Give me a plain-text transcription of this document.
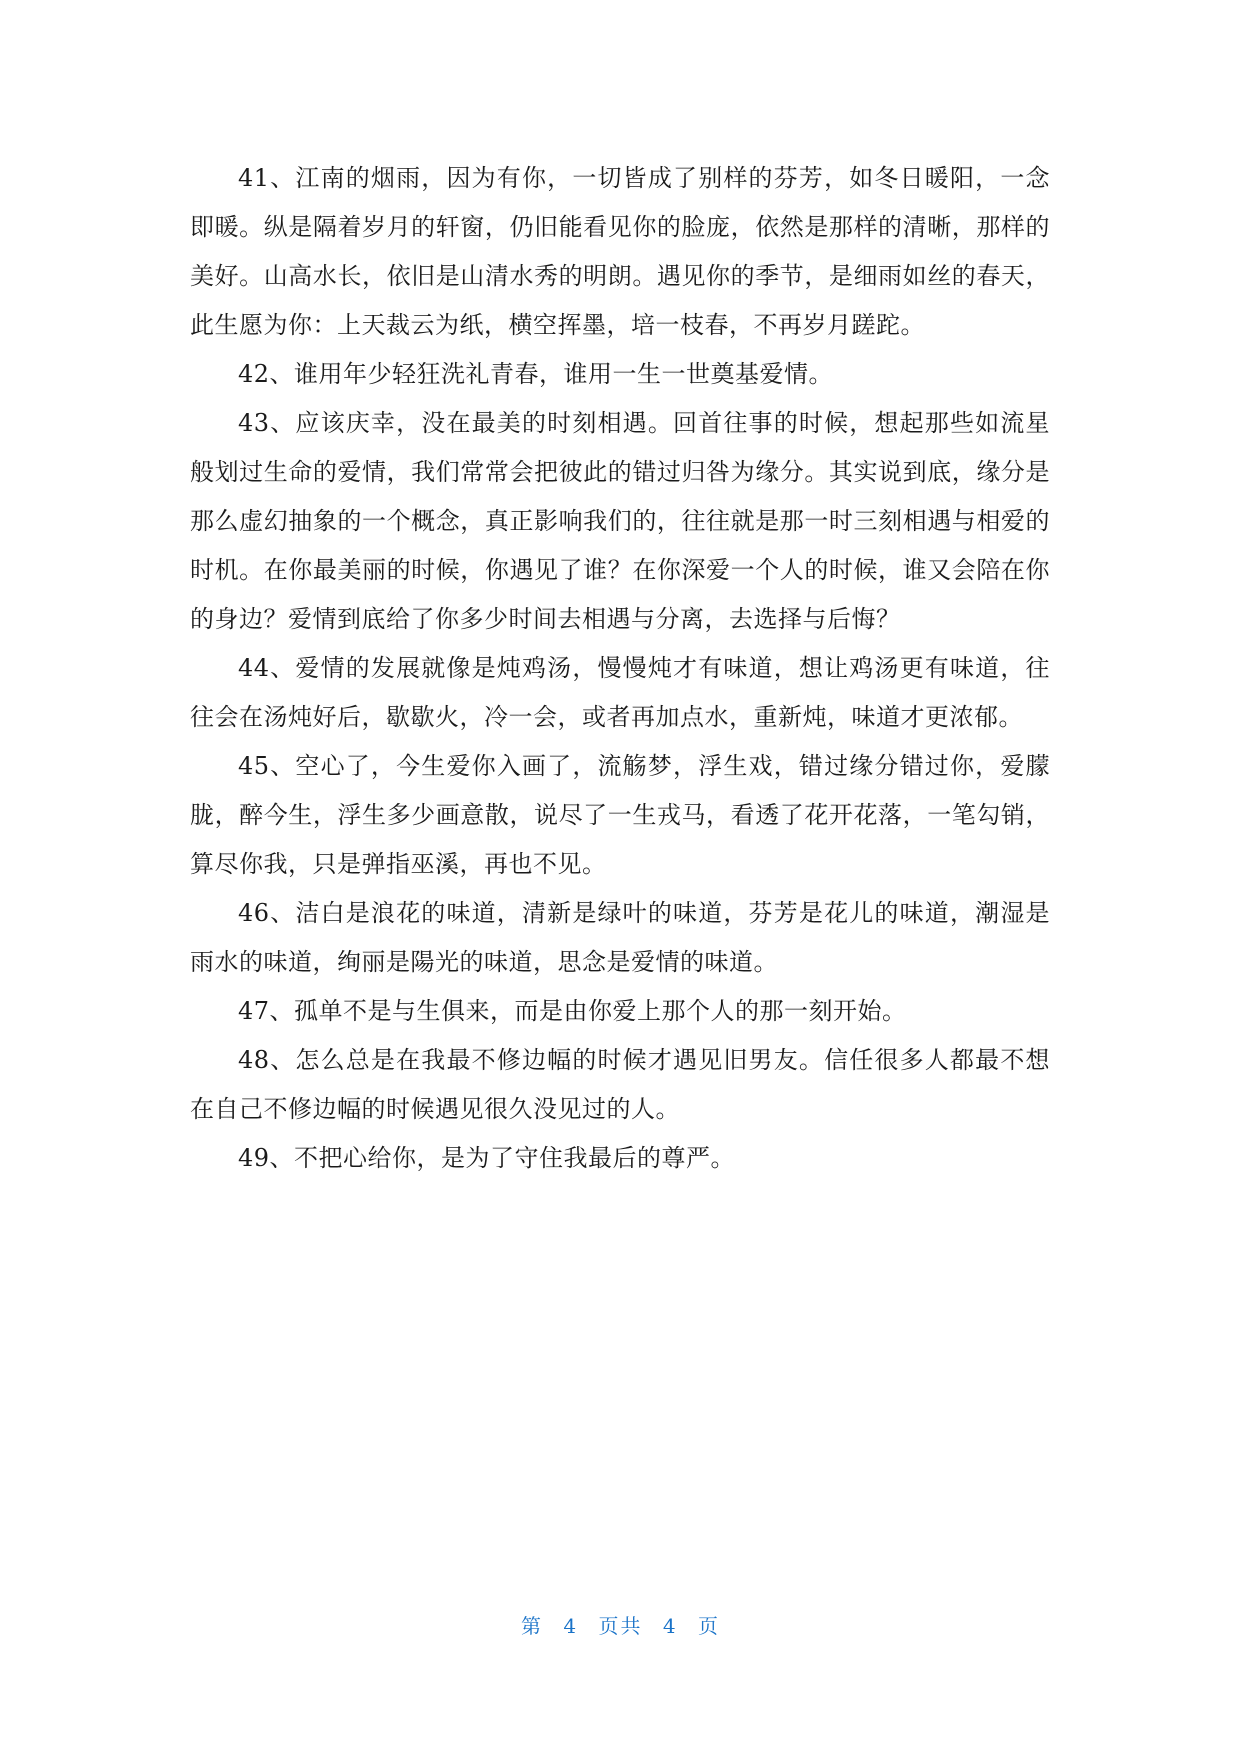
41、江南的烟雨，因为有你，一切皆成了别样的芬芳，如冬日暖阳，一念即暖。纵是隔着岁月的轩窗，仍旧能看见你的脸庞，依然是那样的清晰，那样的美好。山高水长，依旧是山清水秀的明朗。遇见你的季节，是细雨如丝的春天，此生愿为你：上天裁云为纸，横空挥墨，培一枝春，不再岁月蹉跎。

42、谁用年少轻狂洗礼青春，谁用一生一世奠基爱情。

43、应该庆幸，没在最美的时刻相遇。回首往事的时候，想起那些如流星般划过生命的爱情，我们常常会把彼此的错过归咎为缘分。其实说到底，缘分是那么虚幻抽象的一个概念，真正影响我们的，往往就是那一时三刻相遇与相爱的时机。在你最美丽的时候，你遇见了谁？在你深爱一个人的时候，谁又会陪在你的身边？爱情到底给了你多少时间去相遇与分离，去选择与后悔？

44、爱情的发展就像是炖鸡汤，慢慢炖才有味道，想让鸡汤更有味道，往往会在汤炖好后，歇歇火，冷一会，或者再加点水，重新炖，味道才更浓郁。

45、空心了，今生爱你入画了，流觞梦，浮生戏，错过缘分错过你，爱朦胧，醉今生，浮生多少画意散，说尽了一生戎马，看透了花开花落，一笔勾销，算尽你我，只是弹指巫溪，再也不见。

46、洁白是浪花的味道，清新是绿叶的味道，芬芳是花儿的味道，潮湿是雨水的味道，绚丽是陽光的味道，思念是爱情的味道。

47、孤单不是与生俱来，而是由你爱上那个人的那一刻开始。

48、怎么总是在我最不修边幅的时候才遇见旧男友。信任很多人都最不想在自己不修边幅的时候遇见很久没见过的人。

49、不把心给你，是为了守住我最后的尊严。

第 4 页共 4 页
